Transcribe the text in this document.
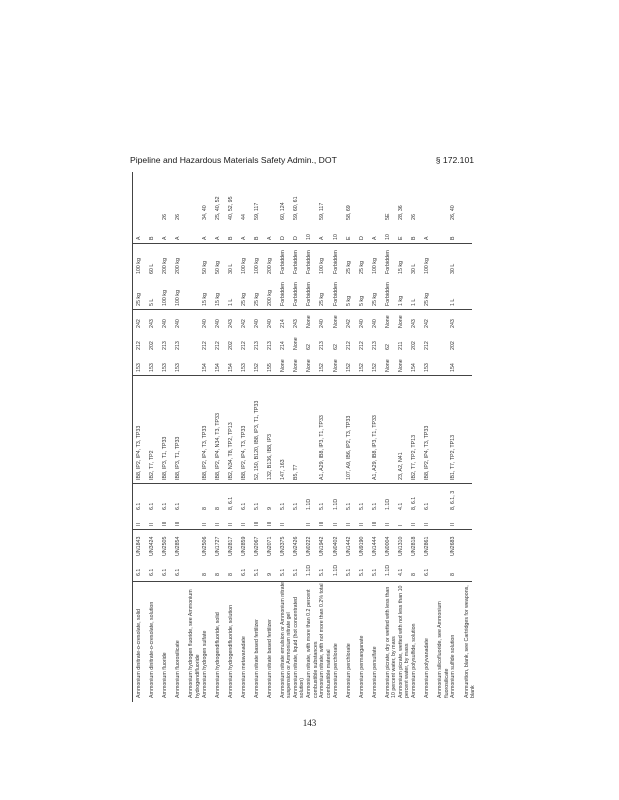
Pipeline and Hazardous Materials Safety Admin., DOT	§ 172.101
Ammonium dinitrate-o-cresolate, solid
6.1
UN1843
II
6.1
IB8, IP2, IP4, T3, TP33
153
212
242
25 kg
100 kg
A
Ammonium dinitrate-o-cresolate, solution
6.1
UN3424
II
6.1
IB2, T7, TP2
153
202
243
5 L
60 L
B
Ammonium fluoride
6.1
UN2505
III
6.1
IB8, IP3, T1, TP33
153
213
240
100 kg
200 kg
A
26
Ammonium fluorosilicate
6.1
UN2854
III
6.1
IB8, IP3, T1, TP33
153
213
240
100 kg
200 kg
A
26
Ammonium hydrogen fluoride, see Ammonium hydrogendifluoride Ammonium hydrogen sulfate
8
UN2506
II
8
IB8, IP2, IP4, T3, TP33
154
212
240
15 kg
50 kg
A
34, 40
Ammonium hydrogendifluoride, solid
8
UN1727
II
8
IB8, IP2, IP4, N34, T3, TP33
154
212
240
15 kg
50 kg
A
25, 40, 52
Ammonium hydrogendifluoride, solution
8
UN2817
II
8, 6.1
IB2, N34, T8, TP2, TP13
154
202
243
1 L
30 L
B
40, 52, 95
Ammonium metavanadate
6.1
UN2859
II
6.1
IB8, IP2, IP4, T3, TP33
153
212
242
25 kg
100 kg
A
44
Ammonium nitrate based fertilizer
5.1
UN2067
III
5.1
52, 150, B120, IB8, IP3, T1, TP33
152
213
240
25 kg
100 kg
B
59, 117
Ammonium nitrate based fertilizer
9
UN2071
III
9
132, B136, IB8, IP3
155
213
240
200 kg
200 kg
A
Ammonium nitrate emulsion or Ammonium nitrate suspension or Ammonium nitrate gel
5.1
UN3375
II
5.1
147, 163
None
214
214
Forbidden
Forbidden
D
60, 124
Ammonium nitrate, liquid (hot concentrated solution)
5.1
UN2426
5.1
B5, T7
None
None
243
Forbidden
Forbidden
D
59, 60, 61
Ammonium nitrate, with more than 0.2 percent combustible substances
1.1D
UN0222
II
1.1D
None
62
None
Forbidden
Forbidden
10
Ammonium nitrate, with not more than 0.2% total combustible material
5.1
UN1942
III
5.1
A1, A29, IB8, IP3, T1, TP33
152
213
240
25 kg
100 kg
A
59, 117
Ammonium perchlorate
1.1D
UN0402
II
1.1D
None
62
None
Forbidden
Forbidden
10
Ammonium perchlorate
5.1
UN1442
II
5.1
107, A9, IB6, IP2, T3, TP33
152
212
242
5 kg
25 kg
E
58, 69
Ammonium permanganate
5.1
UN9190
II
5.1
152
212
240
5 kg
25 kg
D
Ammonium persulfate
5.1
UN1444
III
5.1
A1, A29, IB8, IP3, T1, TP33
152
213
240
25 kg
100 kg
A
Ammonium picrate, dry or wetted with less than 10 percent water, by mass
1.1D
UN0004
II
1.1D
None
62
None
Forbidden
Forbidden
10
5E
Ammonium picrate, wetted with not less than 10 percent water, by mass
4.1
UN1310
I
4.1
23, A2, N41
None
211
None
1 kg
15 kg
E
28, 36
Ammonium polysulfide, solution
8
UN2818
II
8, 6.1
IB2, T7, TP2, TP13
154
202
243
1 L
30 L
B
26
Ammonium polyvanadate
6.1
UN2861
II
6.1
IB8, IP2, IP4, T3, TP33
153
212
242
25 kg
100 kg
A
Ammonium silicofluoride, see Ammonium fluorosilicate Ammonium sulfide solution
8
UN2683
II
8, 6.1, 3
IB1, T7, TP2, TP13
154
202
243
1 L
30 L
B
26, 40
Ammunition, blank, see Cartridges for weapons, blank
143
